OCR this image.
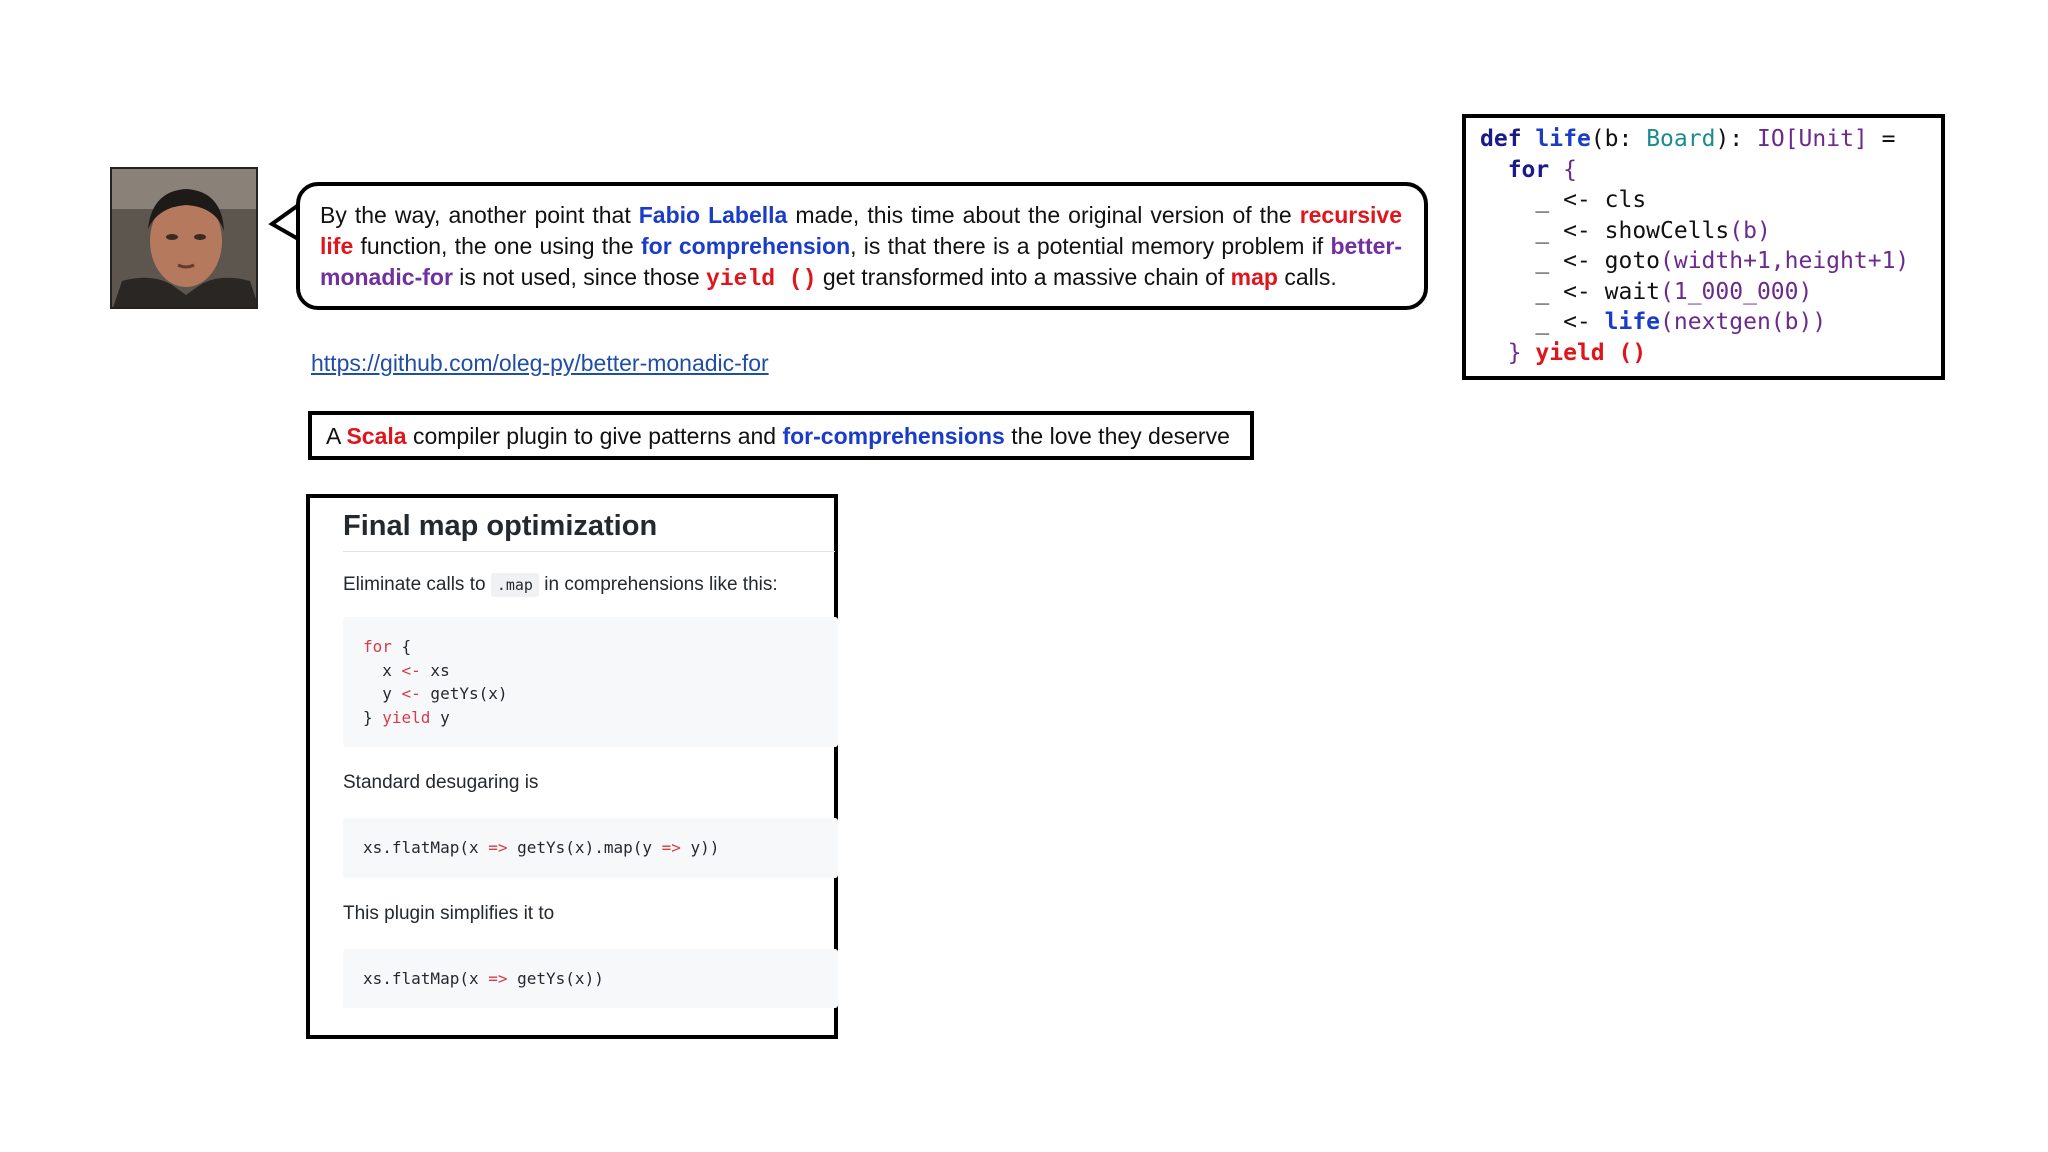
By the way, another point that Fabio Labella made, this time about the original version of the recursive life function, the one using the for comprehension, is that there is a potential memory problem if better-monadic-for is not used, since those yield () get transformed into a massive chain of map calls.
def life(b: Board): IO[Unit] =
for {
_ <- cls
_ <- showCells(b)
_ <- goto(width+1,height+1)
_ <- wait(1_000_000)
_ <- life(nextgen(b))
} yield ()
https://github.com/oleg-py/better-monadic-for
A Scala compiler plugin to give patterns and for-comprehensions the love they deserve
Final map optimization

Eliminate calls to .map in comprehensions like this:

for {
x <- xs
y <- getYs(x)
} yield y

Standard desugaring is

xs.flatMap(x => getYs(x).map(y => y))

This plugin simplifies it to

xs.flatMap(x => getYs(x))
